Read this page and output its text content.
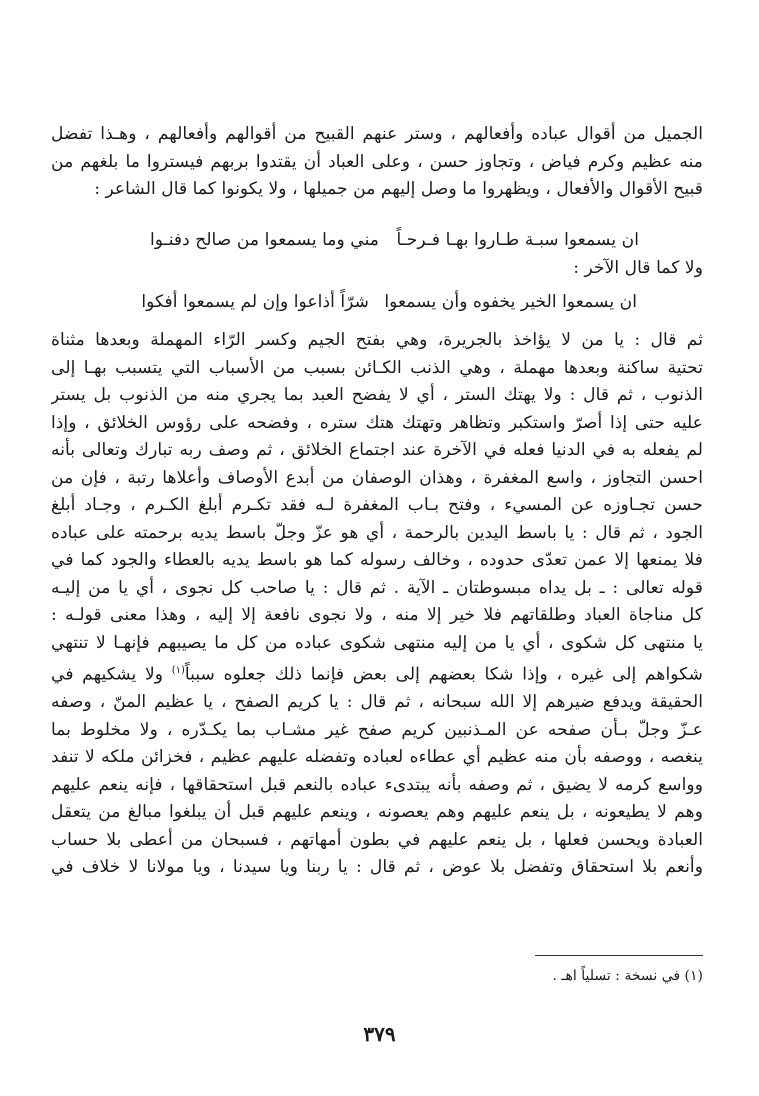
الجميل من أقوال عباده وأفعالهم ، وستر عنهم القبيح من أقوالهم وأفعالهم ، وهـذا تفضل
منه عظيم وكرم فياض ، وتجاوز حسن ، وعلى العباد أن يقتدوا بربهم فيستروا ما بلغهم من
قبيح الأقوال والأفعال ، ويظهروا ما وصل إليهم من جميلها ، ولا يكونوا كما قال الشاعر :
ان يسمعوا سبـة طـاروا بهـا فـرحـاً
مني وما يسمعوا من صالح دفنـوا
ولا كما قال الآخر :
ان يسمعوا الخير يخفوه وأن يسمعوا
شرّاً أذاعوا وإن لم يسمعوا أفكوا
ثم قال : يا من لا يؤاخذ بالجريرة، وهي بفتح الجيم وكسر الرّاء المهملة وبعدها مثناة
تحتية ساكنة وبعدها مهملة ، وهي الذنب الكـائن بسبب من الأسباب التي يتسبب بهـا إلى
الذنوب ، ثم قال : ولا يهتك الستر ، أي لا يفضح العبد بما يجري منه من الذنوب بل يستر
عليه حتى إذا أصرّ واستكبر وتظاهر وتهتك هتك ستره ، وفضحه على رؤوس الخلائق ، وإذا
لم يفعله به في الدنيا فعله في الآخرة عند اجتماع الخلائق ، ثم وصف ربه تبارك وتعالى بأنه
احسن التجاوز ، واسع المغفرة ، وهذان الوصفان من أبدع الأوصاف وأعلاها رتبة ، فإن من
حسن تجـاوزه عن المسيء ، وفتح بـاب المغفرة لـه فقد تكـرم أبلغ الكـرم ، وجـاد أبلغ
الجود ، ثم قال : يا باسط اليدين بالرحمة ، أي هو عزّ وجلّ باسط يديه برحمته على عباده
فلا يمنعها إلا عمن تعدّى حدوده ، وخالف رسوله كما هو باسط يديه بالعطاء والجود كما في
قوله تعالى : ـ بل يداه مبسوطتان ـ الآية . ثم قال : يا صاحب كل نجوى ، أي يا من إليـه
كل مناجاة العباد وطلقاتهم فلا خير إلا منه ، ولا نجوى نافعة إلا إليه ، وهذا معنى قولـه :
يا منتهى كل شكوى ، أي يا من إليه منتهى شكوى عباده من كل ما يصيبهم فإنهـا لا تنتهي
شكواهم إلى غيره ، وإذا شكا بعضهم إلى بعض فإنما ذلك جعلوه سبباً$^{(١)}$ ولا يشكيهم في
الحقيقة ويدفع ضيرهم إلا الله سبحانه ، ثم قال : يا كريم الصفح ، يا عظيم المنّ ، وصفه
عـزّ وجلّ بـأن صفحه عن المـذنبين كريم صفح غير مشـاب بما يكـدّره ، ولا مخلوط بما
ينغصه ، ووصفه بأن منه عظيم أي عطاءه لعباده وتفضله عليهم عظيم ، فخزائن ملكه لا تنفد
وواسع كرمه لا يضيق ، ثم وصفه بأنه يبتدىء عباده بالنعم قبل استحقاقها ، فإنه ينعم عليهم
وهم لا يطيعونه ، بل ينعم عليهم وهم يعصونه ، وينعم عليهم قبل أن يبلغوا مبالغ من يتعقل
العبادة ويحسن فعلها ، بل ينعم عليهم في بطون أمهاتهم ، فسبحان من أعطى بلا حساب
وأنعم بلا استحقاق وتفضل بلا عوض ، ثم قال : يا ربنا ويا سيدنا ، ويا مولانا لا خلاف في
(١) في نسخة : تسلياً اهـ .
٣٧٩
